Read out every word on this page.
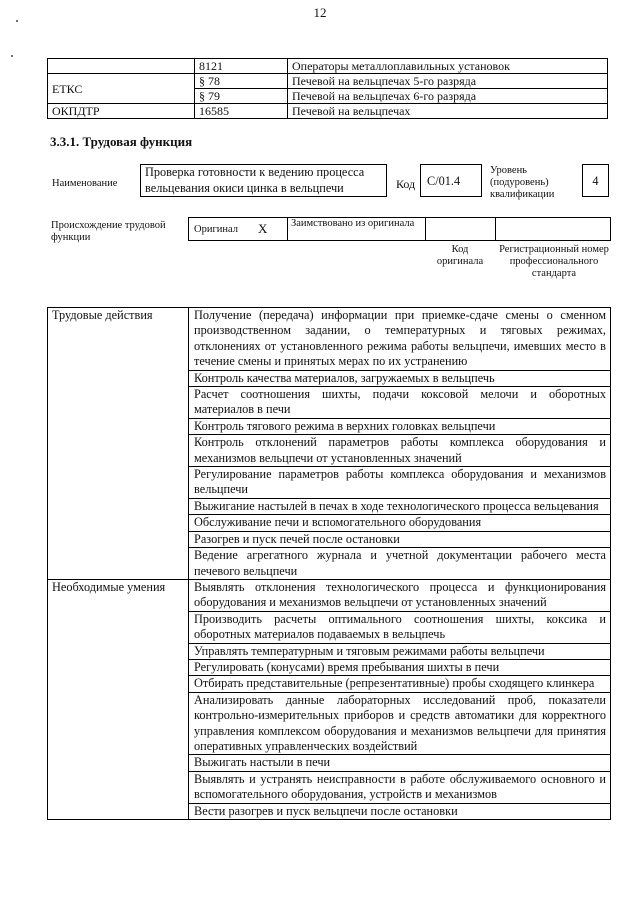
12
	8121	Операторы металлоплавильных установок
ЕТКС	§ 78	Печевой на вельцпечах 5-го разряда
	§ 79	Печевой на вельцпечах 6-го разряда
ОКПДТР	16585	Печевой на вельцпечах
3.3.1. Трудовая функция
Наименование
Проверка готовности к ведению процесса вельцевания окиси цинка в вельцпечи	Код C/01.4
Уровень (подуровень) квалификации
4
Происхождение трудовой функции
Оригинал X Заимствовано из оригинала
Код оригинала
Регистрационный номер профессионального стандарта
Трудовые действия	Получение (передача) информации при приемке-сдаче смены о сменном производственном задании, о температурных и тяговых режимах, отклонениях от установленного режима работы вельцпечи, имевших место в течение смены и принятых мерах по их устранению
	Контроль качества материалов, загружаемых в вельцпечь
	Расчет соотношения шихты, подачи коксовой мелочи и оборотных материалов в печи
	Контроль тягового режима в верхних головках вельцпечи
	Контроль отклонений параметров работы комплекса оборудования и механизмов вельцпечи от установленных значений
	Регулирование параметров работы комплекса оборудования и механизмов вельцпечи
	Выжигание настылей в печах в ходе технологического процесса вельцевания
	Обслуживание печи и вспомогательного оборудования
	Разогрев и пуск печей после остановки
	Ведение агрегатного журнала и учетной документации рабочего места печевого вельцпечи
Необходимые умения	Выявлять отклонения технологического процесса и функционирования оборудования и механизмов вельцпечи от установленных значений
	Производить расчеты оптимального соотношения шихты, кокcика и оборотных материалов подаваемых в вельцпечь
	Управлять температурным и тяговым режимами работы вельцпечи
	Регулировать (конусами) время пребывания шихты в печи
	Отбирать представительные (репрезентативные) пробы сходящего клинкера
	Анализировать данные лабораторных исследований проб, показатели контрольно-измерительных приборов и средств автоматики для корректного управления комплексом оборудования и механизмов вельцпечи для принятия оперативных управленческих воздействий
	Выжигать настыли в печи
	Выявлять и устранять неисправности в работе обслуживаемого основного и вспомогательного оборудования, устройств и механизмов
	Вести разогрев и пуск вельцпечи после остановки
